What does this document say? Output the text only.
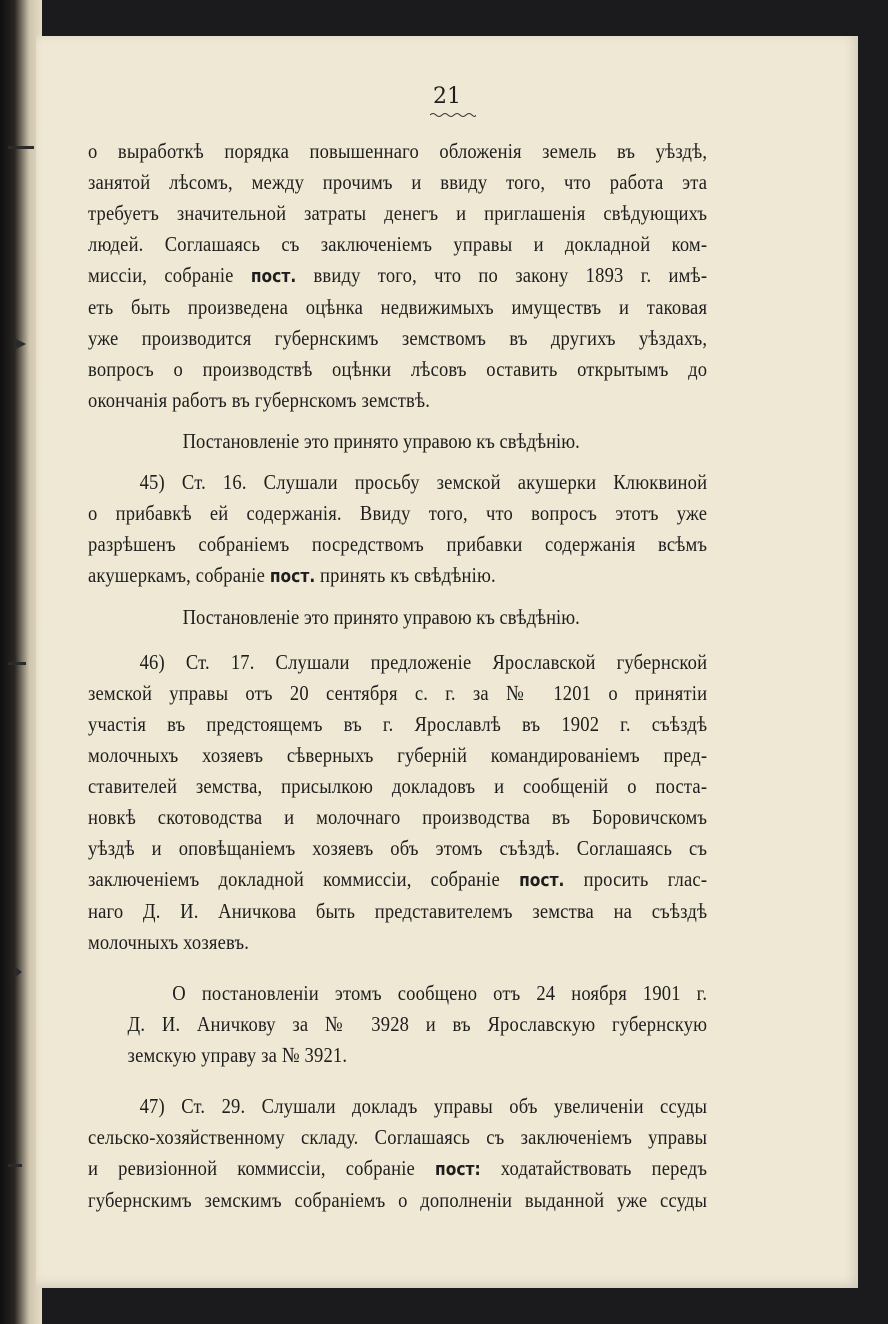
21
о выработкѣ порядка повышеннаго обложенія земель въ уѣздѣ,
занятой лѣсомъ, между прочимъ и ввиду того, что работа эта
требуетъ значительной затраты денегъ и приглашенія свѣдующихъ
людей. Соглашаясь съ заключеніемъ управы и докладной ком-
миссіи, собраніе пост. ввиду того, что по закону 1893 г. имѣ-
еть быть произведена оцѣнка недвижимыхъ имуществъ и таковая
уже производится губернскимъ земствомъ въ другихъ уѣздахъ,
вопросъ о производствѣ оцѣнки лѣсовъ оставить открытымъ до
окончанія работъ въ губернскомъ земствѣ.
Постановленіе это принято управою къ свѣдѣнію.
45) Ст. 16. Слушали просьбу земской акушерки Клюквиной
о прибавкѣ ей содержанія. Ввиду того, что вопросъ этотъ уже
разрѣшенъ собраніемъ посредствомъ прибавки содержанія всѣмъ
акушеркамъ, собраніе пост. принять къ свѣдѣнію.
Постановленіе это принято управою къ свѣдѣнію.
46) Ст. 17. Слушали предложеніе Ярославской губернской
земской управы отъ 20 сентября с. г. за № 1201 о принятіи
участія въ предстоящемъ въ г. Ярославлѣ въ 1902 г. съѣздѣ
молочныхъ хозяевъ сѣверныхъ губерній командированіемъ пред-
ставителей земства, присылкою докладовъ и сообщеній о поста-
новкѣ скотоводства и молочнаго производства въ Боровичскомъ
уѣздѣ и оповѣщаніемъ хозяевъ объ этомъ съѣздѣ. Соглашаясь съ
заключеніемъ докладной коммиссіи, собраніе пост. просить глас-
наго Д. И. Аничкова быть представителемъ земства на съѣздѣ
молочныхъ хозяевъ.
О постановленіи этомъ сообщено отъ 24 ноября 1901 г.
Д. И. Аничкову за № 3928 и въ Ярославскую губернскую
земскую управу за № 3921.
47) Ст. 29. Слушали докладъ управы объ увеличеніи ссуды
сельско-хозяйственному складу. Соглашаясь съ заключеніемъ управы
и ревизіонной коммиссіи, собраніе пост: ходатайствовать передъ
губернскимъ земскимъ собраніемъ о дополненіи выданной уже ссуды
